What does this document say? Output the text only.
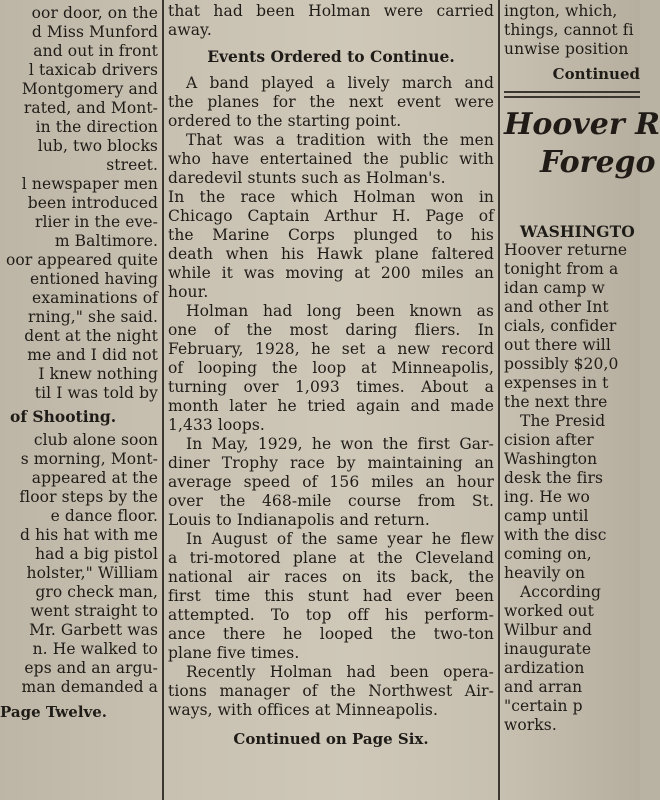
oor door, on the
d Miss Munford
and out in front
l taxicab drivers
Montgomery and
rated, and Mont-
in the direction
lub, two blocks
street.
l newspaper men
been introduced
rlier in the eve-
m Baltimore.
oor appeared quite
entioned having
examinations of
rning," she said.
dent at the night
me and I did not
I knew nothing
til I was told by
of Shooting.
club alone soon
s morning, Mont-
appeared at the
floor steps by the
e dance floor.
d his hat with me
had a big pistol
holster," William
gro check man,
went straight to
Mr. Garbett was
n. He walked to
eps and an argu-
man demanded a
Page Twelve.
that had been Holman were carried
away.
Events Ordered to Continue.
A band played a lively march and
the planes for the next event were
ordered to the starting point.
That was a tradition with the men
who have entertained the public with
daredevil stunts such as Holman's.
In the race which Holman won in
Chicago Captain Arthur H. Page of
the Marine Corps plunged to his
death when his Hawk plane faltered
while it was moving at 200 miles an
hour.
Holman had long been known as
one of the most daring fliers. In
February, 1928, he set a new record
of looping the loop at Minneapolis,
turning over 1,093 times. About a
month later he tried again and made
1,433 loops.
In May, 1929, he won the first Gar-
diner Trophy race by maintaining an
average speed of 156 miles an hour
over the 468-mile course from St.
Louis to Indianapolis and return.
In August of the same year he flew
a tri-motored plane at the Cleveland
national air races on its back, the
first time this stunt had ever been
attempted. To top off his perform-
ance there he looped the two-ton
plane five times.
Recently Holman had been opera-
tions manager of the Northwest Air-
ways, with offices at Minneapolis.
Continued on Page Six.
ington, which,
things, cannot fi
unwise position
Continued
Hoover R
Forego
WASHINGTO
Hoover returne
tonight from a
idan camp w
and other Int
cials, confider
out there will
possibly $20,0
expenses in t
the next thre
The Presid
cision after
Washington
desk the firs
ing. He wo
camp until
with the disc
coming on,
heavily on
According
worked out
Wilbur and
inaugurate
ardization
and arran
"certain p
works.
